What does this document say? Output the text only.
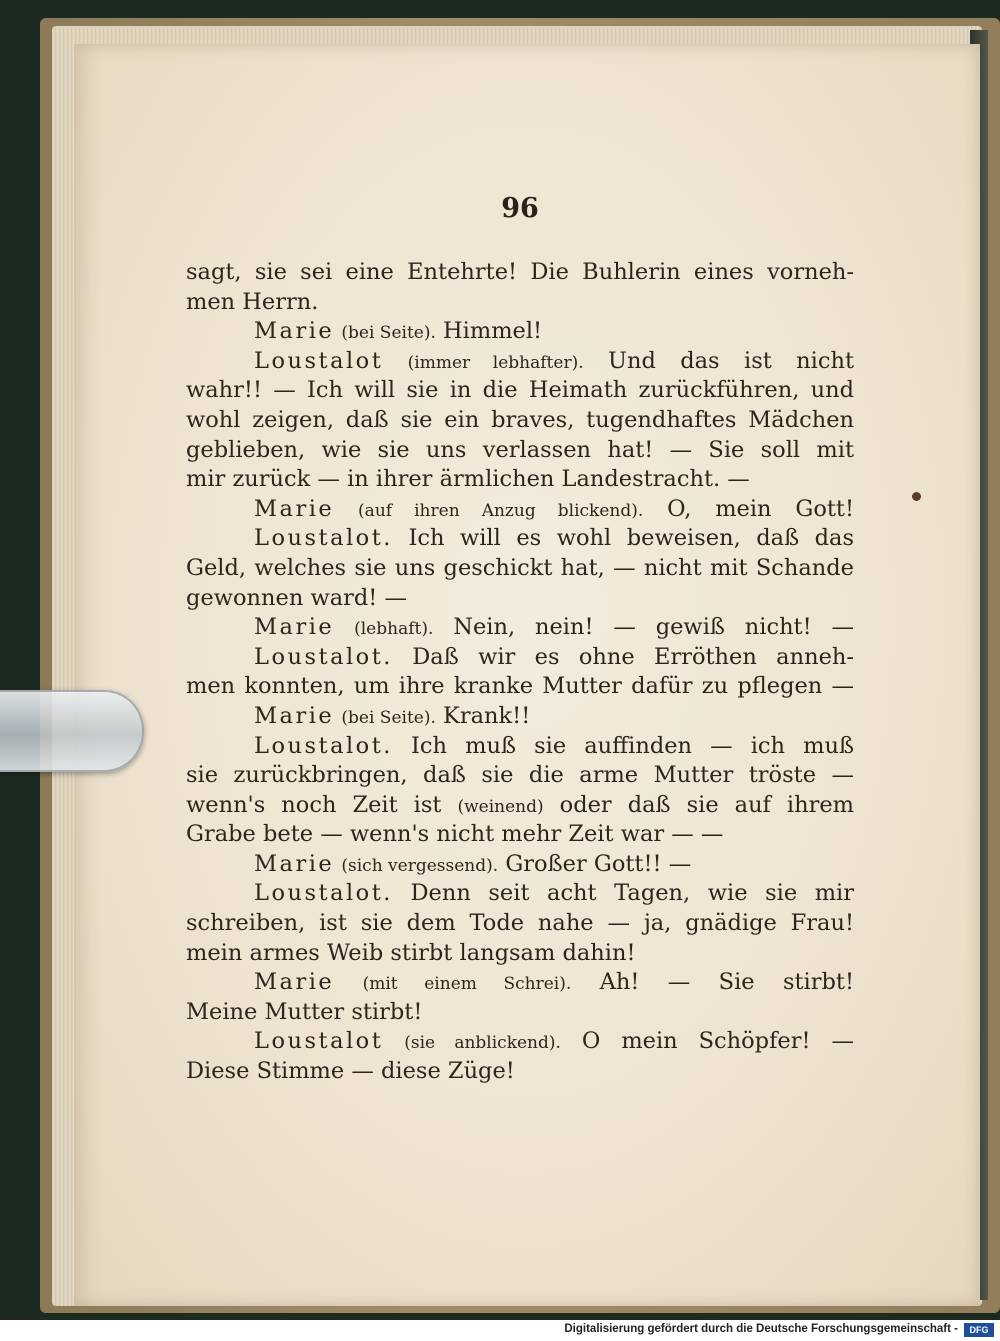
96
sagt, sie sei eine Entehrte! Die Buhlerin eines vorneh-
men Herrn.
Marie (bei Seite). Himmel!
Loustalot (immer lebhafter). Und das ist nicht
wahr!! — Ich will sie in die Heimath zurückführen, und
wohl zeigen, daß sie ein braves, tugendhaftes Mädchen
geblieben, wie sie uns verlassen hat! — Sie soll mit
mir zurück — in ihrer ärmlichen Landestracht. —
Marie (auf ihren Anzug blickend). O, mein Gott!
Loustalot. Ich will es wohl beweisen, daß das
Geld, welches sie uns geschickt hat, — nicht mit Schande
gewonnen ward! —
Marie (lebhaft). Nein, nein! — gewiß nicht! —
Loustalot. Daß wir es ohne Erröthen anneh-
men konnten, um ihre kranke Mutter dafür zu pflegen —
Marie (bei Seite). Krank!!
Loustalot. Ich muß sie auffinden — ich muß
sie zurückbringen, daß sie die arme Mutter tröste —
wenn's noch Zeit ist (weinend) oder daß sie auf ihrem
Grabe bete — wenn's nicht mehr Zeit war — —
Marie (sich vergessend). Großer Gott!! —
Loustalot. Denn seit acht Tagen, wie sie mir
schreiben, ist sie dem Tode nahe — ja, gnädige Frau!
mein armes Weib stirbt langsam dahin!
Marie (mit einem Schrei). Ah! — Sie stirbt!
Meine Mutter stirbt!
Loustalot (sie anblickend). O mein Schöpfer! —
Diese Stimme — diese Züge!
Digitalisierung gefördert durch die Deutsche Forschungsgemeinschaft -	DFG
